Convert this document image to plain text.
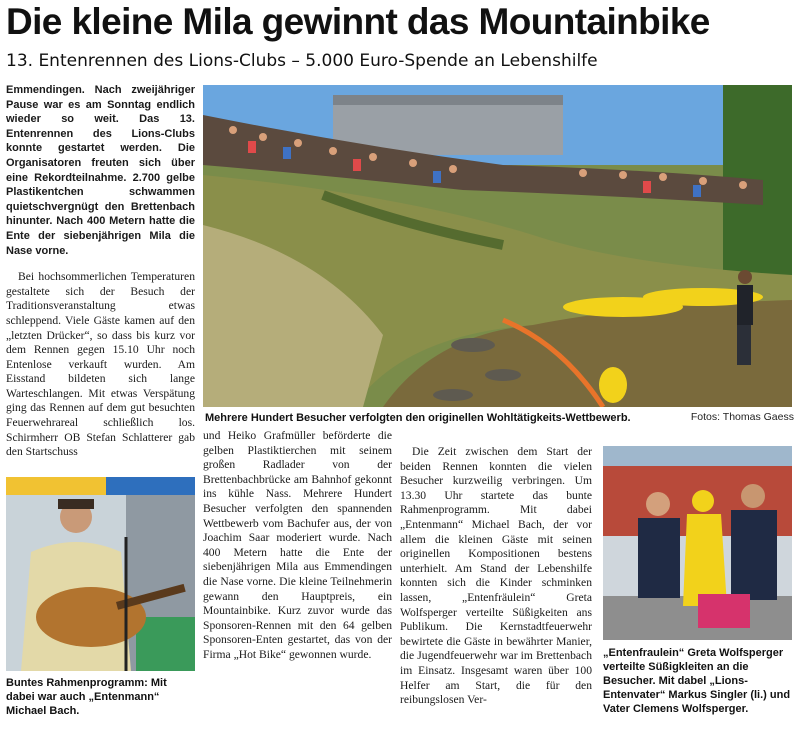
Die kleine Mila gewinnt das Mountainbike
13. Entenrennen des Lions-Clubs – 5.000 Euro-Spende an Lebenshilfe

Emmendingen. Nach zweijähriger Pause war es am Sonntag endlich wieder so weit. Das 13. Entenrennen des Lions-Clubs konnte gestartet werden. Die Organisatoren freuten sich über eine Rekordteilnahme. 2.700 gelbe Plastikentchen schwammen quietschvergnügt den Brettenbach hinunter. Nach 400 Metern hatte die Ente der siebenjährigen Mila die Nase vorne.

Bei hochsommerlichen Temperaturen gestaltete sich der Besuch der Traditionsveranstaltung etwas schleppend. Viele Gäste kamen auf den „letzten Drücker“, so dass bis kurz vor dem Rennen gegen 15.10 Uhr noch Entenlose verkauft wurden. Am Eisstand bildeten sich lange Warteschlangen. Mit etwas Verspätung ging das Rennen auf dem gut besuchten Feuerwehrareal schließlich los. Schirmherr OB Stefan Schlatterer gab den Startschuss

Mehrere Hundert Besucher verfolgten den originellen Wohltätigkeits-Wettbewerb.	Fotos: Thomas Gaess
Buntes Rahmenprogramm: Mit dabei war auch „Entenmann“ Michael Bach.

und Heiko Grafmüller beförderte die gelben Plastiktierchen mit seinem großen Radlader von der Brettenbachbrücke am Bahnhof gekonnt ins kühle Nass. Mehrere Hundert Besucher verfolgten den spannenden Wettbewerb vom Bachufer aus, der von Joachim Saar moderiert wurde. Nach 400 Metern hatte die Ente der siebenjährigen Mila aus Emmendingen die Nase vorne. Die kleine Teilnehmerin gewann den Hauptpreis, ein Mountainbike. Kurz zuvor wurde das Sponsoren-Rennen mit den 64 gelben Sponsoren-Enten gestartet, das von der Firma „Hot Bike“ gewonnen wurde.

Die Zeit zwischen dem Start der beiden Rennen konnten die vielen Besucher kurzweilig verbringen. Um 13.30 Uhr startete das bunte Rahmenprogramm. Mit dabei „Entenmann“ Michael Bach, der vor allem die kleinen Gäste mit seinen originellen Kompositionen bestens unterhielt. Am Stand der Lebenshilfe konnten sich die Kinder schminken lassen, „Entenfräulein“ Greta Wolfsperger verteilte Süßigkeiten ans Publikum. Die Kernstadtfeuerwehr bewirtete die Gäste in bewährter Manier, die Jugendfeuerwehr war im Brettenbach im Einsatz. Insgesamt waren über 100 Helfer am Start, die für den reibungslosen Ver-

„Entenfraulein“ Greta Wolfsperger verteilte Süßigkleiten an die Besucher. Mit dabel „Lions-Entenvater“ Markus Singler (li.) und Vater Clemens Wolfsperger.
